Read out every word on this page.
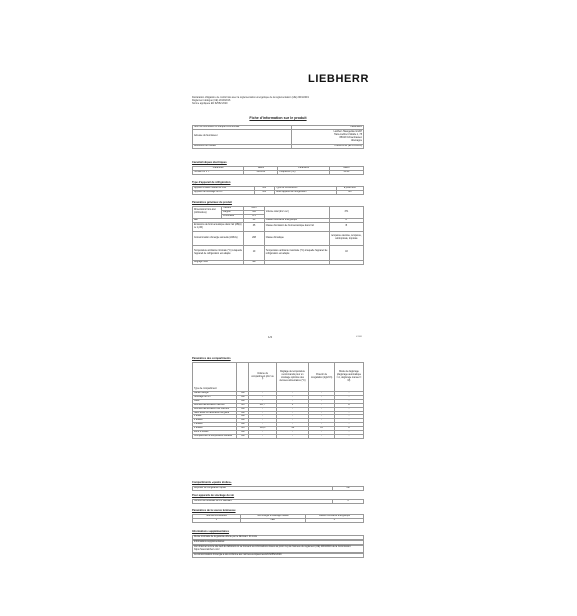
LIEBHERR
Déclaration obligatoire de conformité avec la réglementation énergétique de la réglementation (UE) 2019/2019
Règlement délégué (UE) 2019/2016
Norme appliquée EN 62552:2020
Fiche d'information sur le produit
Nom du fournisseur ou marque commerciale	LIEBHERR
Adresse du fournisseur	Liebherr-Hausgeräte GmbH
Hans-Liebherr-Straße 1, 78
88416 Ochsenhausen
Allemagne
Référence du modèle	CNd5203-22 (EPCxxxx/00)
Caractéristiques électriques
Paramètre	Valeur	Paramètre	Valeur
Tension en V ~	220-240	Fréquence (Hz)	50-60
Type d'appareil de réfrigération
Appareil à faible niveau de bruit	non	Type de construction	à pose libre
Appareil de stockage du vin	non	Autre appareil de réfrigération	oui
Paramètres généraux du produit
Dimensions hors-tout (millimètres)	Hauteur	2015	Volume total (dm³ ou l)	371
	Largeur	595		
	Profondeur	675		
IEE		80	Classe d'efficacité énergétique	D
Émissions de bruit acoustique dans l'air (dB(A) re 1 pW)		35	Classe d'émission de bruit acoustique dans l'air	B
Consommation d'énergie annuelle (kWh/a)		208	Classe climatique	tempérée étendue, tempérée, subtropicale, tropicale
Température ambiante minimale (°C) à laquelle l'appareil de réfrigération est adapté		10	Température ambiante maximale (°C) à laquelle l'appareil de réfrigération est adapté	43
Réglage hiver		non		
1/2	V-1/08
Paramètres des compartiments
Type de compartiment		Volume du compartiment (dm³ ou l)	Réglage de température recommandé pour un stockage optimisé des denrées alimentaires (°C)	Pouvoir de congélation (kg/24 h)	Mode de dégivrage (dégivrage automatique = A, dégivrage manuel = M)
Garde-manger	non	-	-	-	-
Stockage du vin	non	-	-	-	-
Cave	non	-	-	-	-
Denrées alimentaires fraîches	oui	267,7	5	-	A
Denrées alimentaires très fraîches	non	-	-	-	-
Sans étoile ou fabrication de glace	non	-	-	-	-
1 étoile	non	-	-	-	-
2 étoiles	non	-	-	-	-
3 étoiles	non	-	-	-	-
4 étoiles	oui	103,1	-18	10	A
Zone 2 étoiles	non	-	-	-	-
Compartiment à température variable	non	-	-	-	-
Compartiments «quatre étoiles»
Dispositif de congélation rapide	oui
Pour appareils de stockage du vin
nombre de bouteilles de vin standard	0
Paramètres de la source lumineuse
Sources lumineuses	Technologie d'éclairage utilisée	Classe d'efficacité énergétique
1	LED	F
Informations supplémentaires
Durée minimale de la garantie offerte par le fabricant: 24 mois
Informations supplémentaires:
Lien Internet vers le site web du fabricant où se trouvent les informations visées au point 4 a) de l'annexe du règlement (UE) 2019/2019 de la Commission: https://www.liebherr.com/
La consommation d'énergie a été conforme aux normes européennes EN 62552:2020.
